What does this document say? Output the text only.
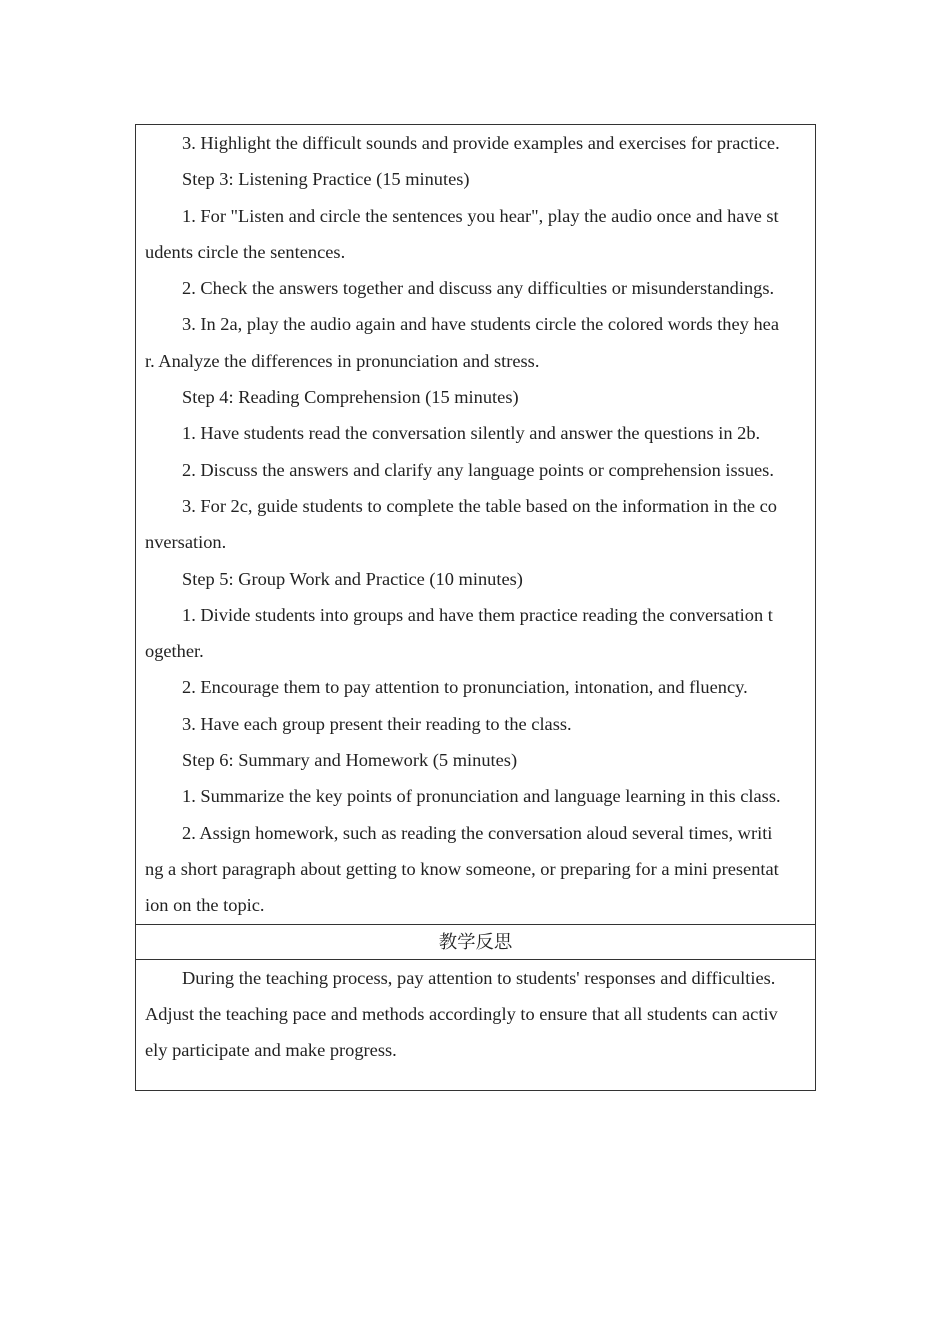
3. Highlight the difficult sounds and provide examples and exercises for practice.
Step 3: Listening Practice (15 minutes)
1. For "Listen and circle the sentences you hear", play the audio once and have st
udents circle the sentences.
2. Check the answers together and discuss any difficulties or misunderstandings.
3. In 2a, play the audio again and have students circle the colored words they hea
r. Analyze the differences in pronunciation and stress.
Step 4: Reading Comprehension (15 minutes)
1. Have students read the conversation silently and answer the questions in 2b.
2. Discuss the answers and clarify any language points or comprehension issues.
3. For 2c, guide students to complete the table based on the information in the co
nversation.
Step 5: Group Work and Practice (10 minutes)
1. Divide students into groups and have them practice reading the conversation t
ogether.
2. Encourage them to pay attention to pronunciation, intonation, and fluency.
3. Have each group present their reading to the class.
Step 6: Summary and Homework (5 minutes)
1. Summarize the key points of pronunciation and language learning in this class.
2. Assign homework, such as reading the conversation aloud several times, writi
ng a short paragraph about getting to know someone, or preparing for a mini presentat
ion on the topic.
教学反思
During the teaching process, pay attention to students' responses and difficulties.
Adjust the teaching pace and methods accordingly to ensure that all students can activ
ely participate and make progress.
